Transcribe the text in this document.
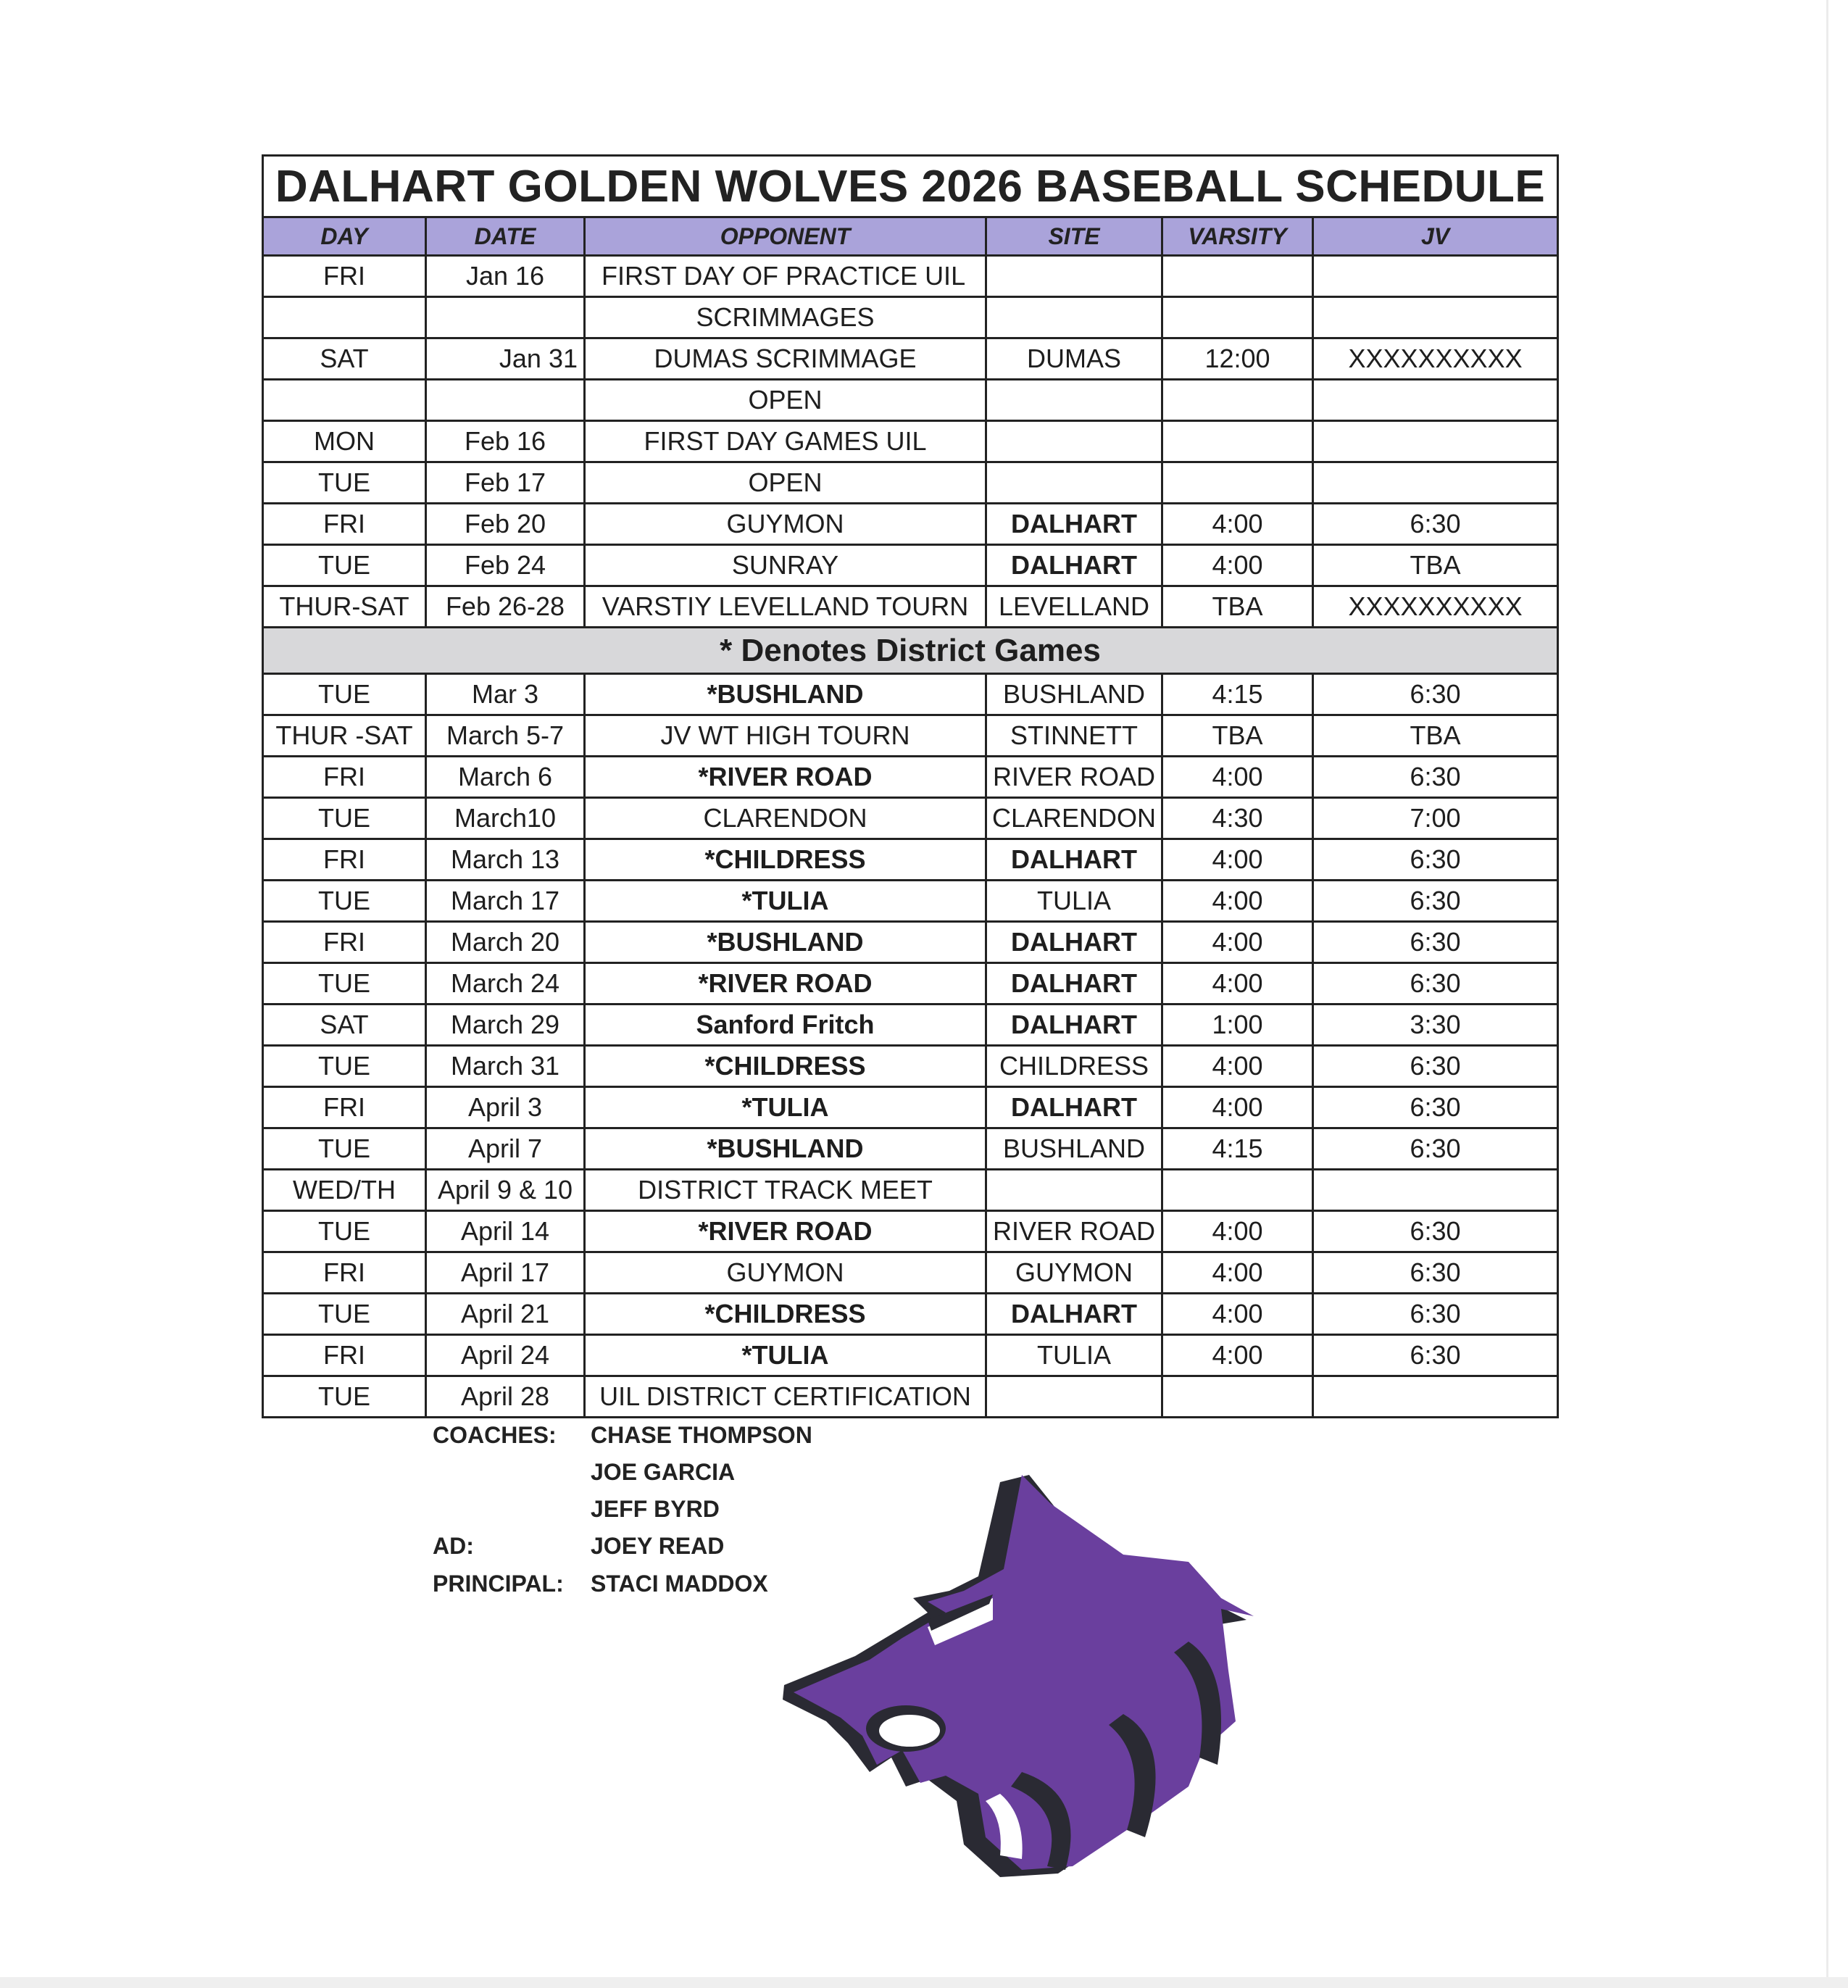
DALHART GOLDEN WOLVES 2026 BASEBALL SCHEDULE					
DAY	DATE	OPPONENT	SITE	VARSITY	JV
FRI	Jan 16	FIRST DAY OF PRACTICE UIL			
		SCRIMMAGES			
SAT	Jan 31	DUMAS SCRIMMAGE	DUMAS	12:00	XXXXXXXXXX
		OPEN			
MON	Feb 16	FIRST DAY GAMES UIL			
TUE	Feb 17	OPEN			
FRI	Feb 20	GUYMON	DALHART	4:00	6:30
TUE	Feb 24	SUNRAY	DALHART	4:00	TBA
THUR-SAT	Feb 26-28	VARSTIY LEVELLAND TOURN	LEVELLAND	TBA	XXXXXXXXXX
* Denotes District Games					
TUE	Mar 3	*BUSHLAND	BUSHLAND	4:15	6:30
THUR -SAT	March 5-7	JV WT HIGH TOURN	STINNETT	TBA	TBA
FRI	March 6	*RIVER ROAD	RIVER ROAD	4:00	6:30
TUE	March10	CLARENDON	CLARENDON	4:30	7:00
FRI	March 13	*CHILDRESS	DALHART	4:00	6:30
TUE	March 17	*TULIA	TULIA	4:00	6:30
FRI	March 20	*BUSHLAND	DALHART	4:00	6:30
TUE	March 24	*RIVER ROAD	DALHART	4:00	6:30
SAT	March 29	Sanford Fritch	DALHART	1:00	3:30
TUE	March 31	*CHILDRESS	CHILDRESS	4:00	6:30
FRI	April 3	*TULIA	DALHART	4:00	6:30
TUE	April 7	*BUSHLAND	BUSHLAND	4:15	6:30
WED/TH	April 9 & 10	DISTRICT TRACK MEET			
TUE	April 14	*RIVER ROAD	RIVER ROAD	4:00	6:30
FRI	April 17	GUYMON	GUYMON	4:00	6:30
TUE	April 21	*CHILDRESS	DALHART	4:00	6:30
FRI	April 24	*TULIA	TULIA	4:00	6:30
TUE	April 28	UIL DISTRICT CERTIFICATION			
COACHES: CHASE THOMPSON
JOE GARCIA
JEFF BYRD
AD:	JOEY READ
PRINCIPAL: STACI MADDOX
